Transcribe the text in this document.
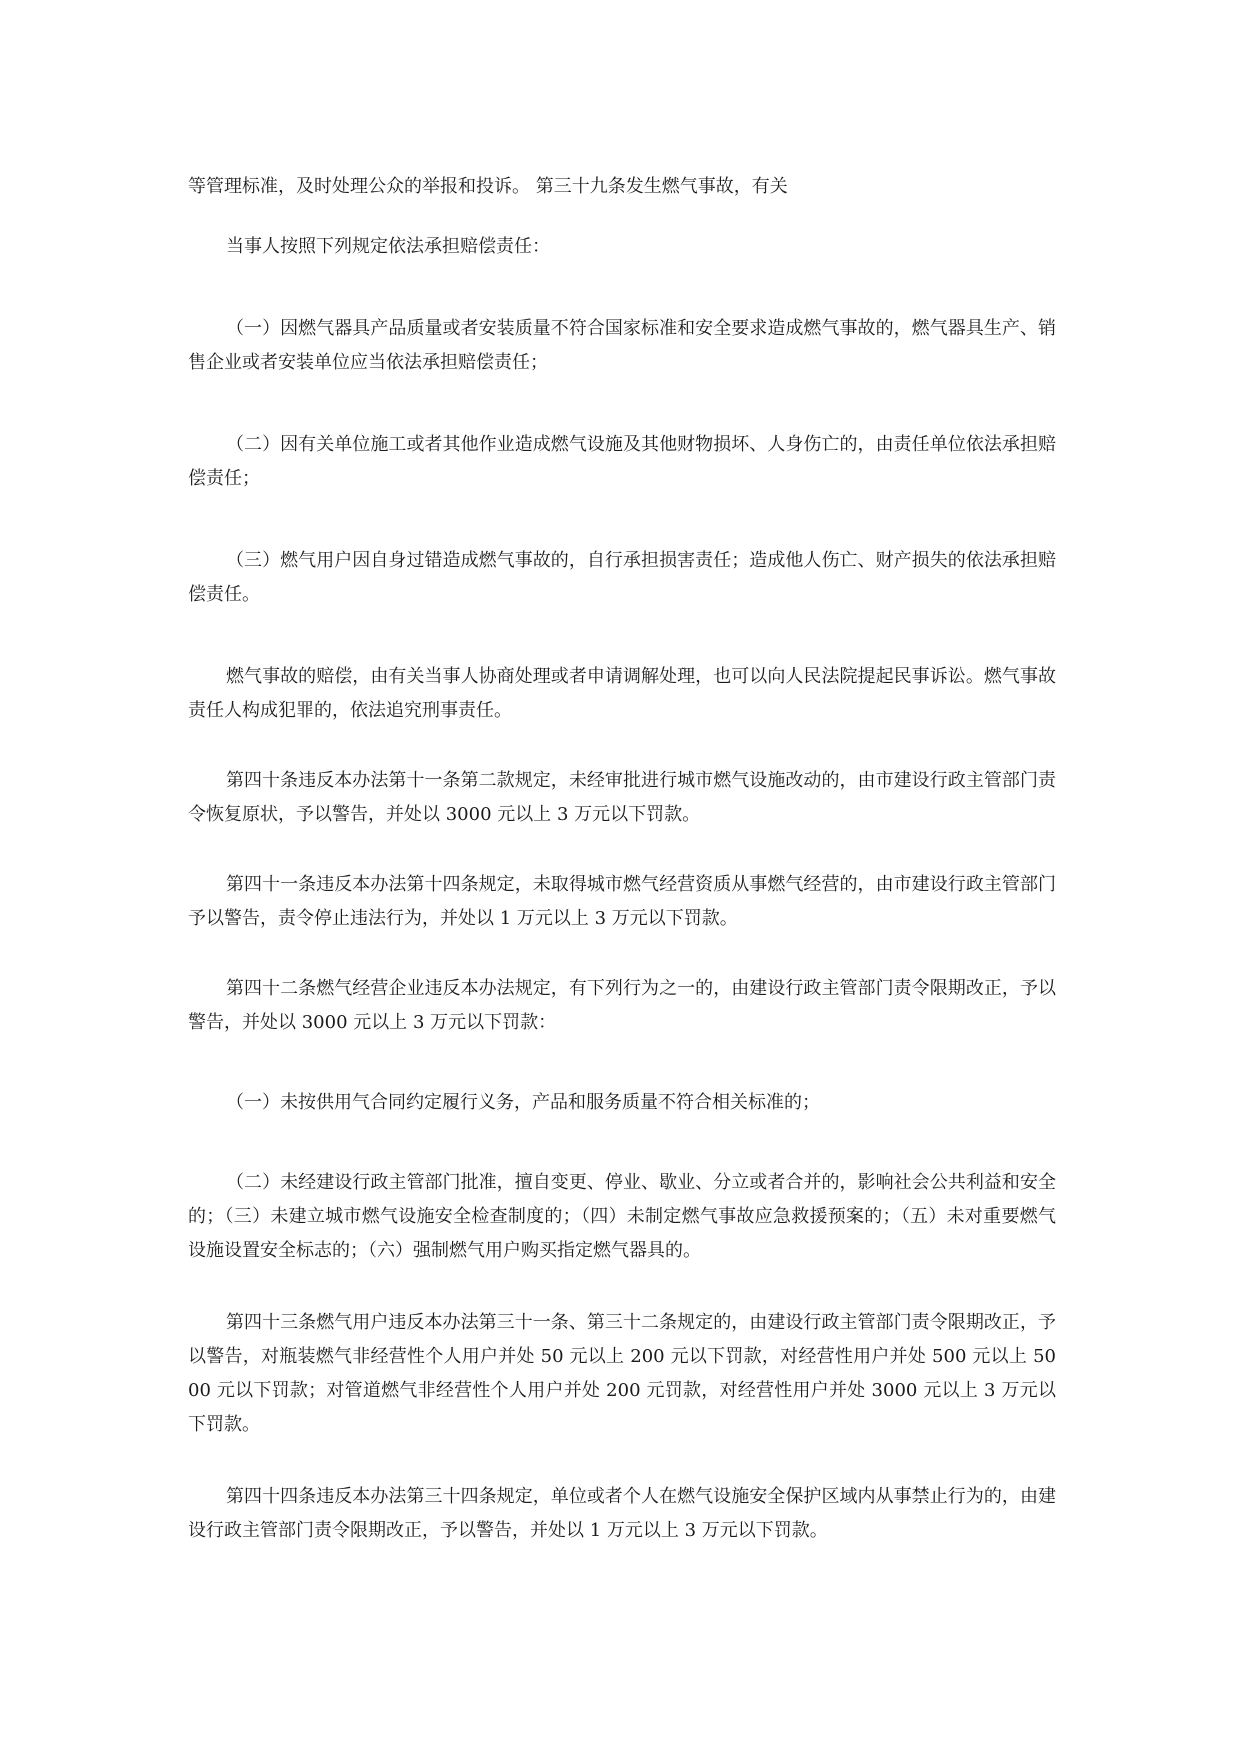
等管理标准，及时处理公众的举报和投诉。 第三十九条发生燃气事故，有关

当事人按照下列规定依法承担赔偿责任：

（一）因燃气器具产品质量或者安装质量不符合国家标准和安全要求造成燃气事故的，燃气器具生产、销售企业或者安装单位应当依法承担赔偿责任；

（二）因有关单位施工或者其他作业造成燃气设施及其他财物损坏、人身伤亡的，由责任单位依法承担赔偿责任；

（三）燃气用户因自身过错造成燃气事故的，自行承担损害责任；造成他人伤亡、财产损失的依法承担赔偿责任。

燃气事故的赔偿，由有关当事人协商处理或者申请调解处理，也可以向人民法院提起民事诉讼。燃气事故责任人构成犯罪的，依法追究刑事责任。

第四十条违反本办法第十一条第二款规定，未经审批进行城市燃气设施改动的，由市建设行政主管部门责令恢复原状，予以警告，并处以 3000 元以上 3 万元以下罚款。

第四十一条违反本办法第十四条规定，未取得城市燃气经营资质从事燃气经营的，由市建设行政主管部门予以警告，责令停止违法行为，并处以 1 万元以上 3 万元以下罚款。

第四十二条燃气经营企业违反本办法规定，有下列行为之一的，由建设行政主管部门责令限期改正，予以警告，并处以 3000 元以上 3 万元以下罚款：

（一）未按供用气合同约定履行义务，产品和服务质量不符合相关标准的；

（二）未经建设行政主管部门批准，擅自变更、停业、歇业、分立或者合并的，影响社会公共利益和安全的；（三）未建立城市燃气设施安全检查制度的；（四）未制定燃气事故应急救援预案的；（五）未对重要燃气设施设置安全标志的；（六）强制燃气用户购买指定燃气器具的。

第四十三条燃气用户违反本办法第三十一条、第三十二条规定的，由建设行政主管部门责令限期改正，予以警告，对瓶装燃气非经营性个人用户并处 50 元以上 200 元以下罚款，对经营性用户并处 500 元以上 5000 元以下罚款；对管道燃气非经营性个人用户并处 200 元罚款，对经营性用户并处 3000 元以上 3 万元以下罚款。

第四十四条违反本办法第三十四条规定，单位或者个人在燃气设施安全保护区域内从事禁止行为的，由建设行政主管部门责令限期改正，予以警告，并处以 1 万元以上 3 万元以下罚款。
